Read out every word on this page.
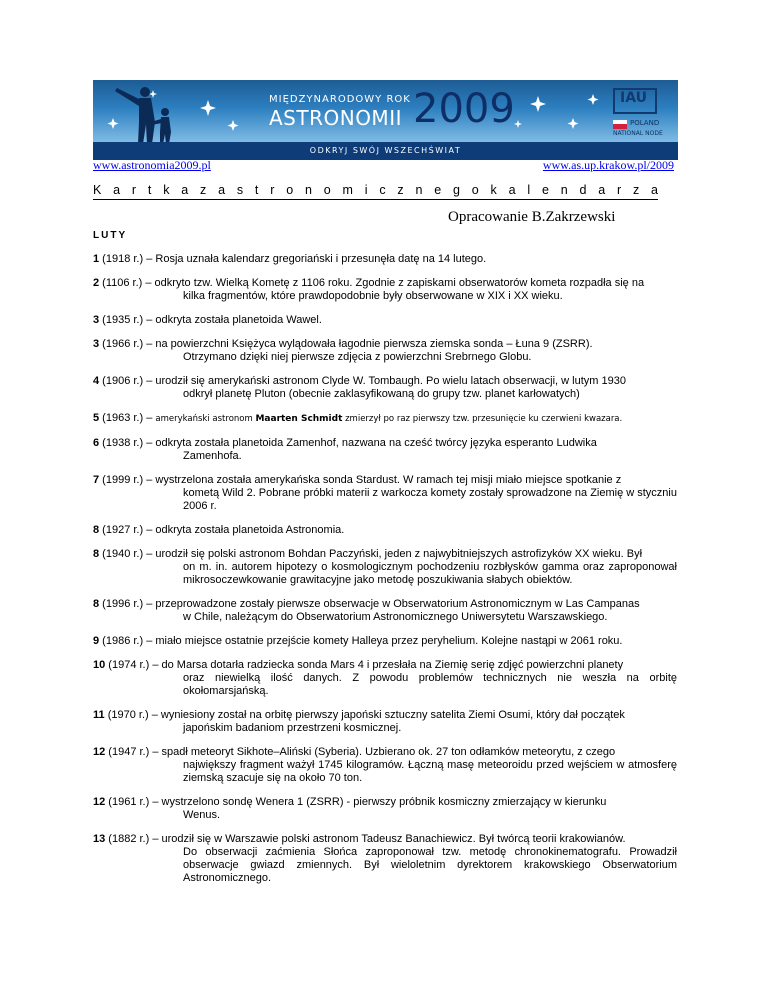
MIĘDZYNARODOWY ROK
ASTRONOMII 2009	IAU
POLAND
NATIONAL NODE
ODKRYJ SWÓJ WSZECHŚWIAT
www.astronomia2009.pl	www.as.up.krakow.pl/2009
K a r t k a z a s t r o n o m i c z n e g o k a l e n d a r z a
Opracowanie B.Zakrzewski
LUTY
1 (1918 r.) – Rosja uznała kalendarz gregoriański i przesunęła datę na 14 lutego.
2 (1106 r.) – odkryto tzw. Wielką Kometę z 1106 roku. Zgodnie z zapiskami obserwatorów kometa rozpadła się na
kilka fragmentów, które prawdopodobnie były obserwowane w XIX i XX wieku.
3 (1935 r.) – odkryta została planetoida Wawel.
3 (1966 r.) – na powierzchni Księżyca wylądowała łagodnie pierwsza ziemska sonda – Łuna 9 (ZSRR).
Otrzymano dzięki niej pierwsze zdjęcia z powierzchni Srebrnego Globu.
4 (1906 r.) – urodził się amerykański astronom Clyde W. Tombaugh. Po wielu latach obserwacji, w lutym 1930
odkrył planetę Pluton (obecnie zaklasyfikowaną do grupy tzw. planet karłowatych)
5 (1963 r.) – amerykański astronom Maarten Schmidt zmierzył po raz pierwszy tzw. przesunięcie ku czerwieni kwazara.
6 (1938 r.) – odkryta została planetoida Zamenhof, nazwana na cześć twórcy języka esperanto Ludwika
Zamenhofa.
7 (1999 r.) – wystrzelona została amerykańska sonda Stardust. W ramach tej misji miało miejsce spotkanie z
kometą Wild 2. Pobrane próbki materii z warkocza komety zostały sprowadzone na Ziemię w styczniu 2006 r.
8 (1927 r.) – odkryta została planetoida Astronomia.
8 (1940 r.) – urodził się polski astronom Bohdan Paczyński, jeden z najwybitniejszych astrofizyków XX wieku. Był
on m. in. autorem hipotezy o kosmologicznym pochodzeniu rozbłysków gamma oraz zaproponował mikrosoczewkowanie grawitacyjne jako metodę poszukiwania słabych obiektów.
8 (1996 r.) – przeprowadzone zostały pierwsze obserwacje w Obserwatorium Astronomicznym w Las Campanas
w Chile, należącym do Obserwatorium Astronomicznego Uniwersytetu Warszawskiego.
9 (1986 r.) – miało miejsce ostatnie przejście komety Halleya przez peryhelium. Kolejne nastąpi w 2061 roku.
10 (1974 r.) – do Marsa dotarła radziecka sonda Mars 4 i przesłała na Ziemię serię zdjęć powierzchni planety
oraz niewielką ilość danych. Z powodu problemów technicznych nie weszła na orbitę okołomarsjańską.
11 (1970 r.) – wyniesiony został na orbitę pierwszy japoński sztuczny satelita Ziemi Osumi, który dał początek
japońskim badaniom przestrzeni kosmicznej.
12 (1947 r.) – spadł meteoryt Sikhote–Aliński (Syberia). Uzbierano ok. 27 ton odłamków meteorytu, z czego
największy fragment ważył 1745 kilogramów. Łączną masę meteoroidu przed wejściem w atmosferę ziemską szacuje się na około 70 ton.
12 (1961 r.) – wystrzelono sondę Wenera 1 (ZSRR) - pierwszy próbnik kosmiczny zmierzający w kierunku
Wenus.
13 (1882 r.) – urodził się w Warszawie polski astronom Tadeusz Banachiewicz. Był twórcą teorii krakowianów.
Do obserwacji zaćmienia Słońca zaproponował tzw. metodę chronokinematografu. Prowadził obserwacje gwiazd zmiennych. Był wieloletnim dyrektorem krakowskiego Obserwatorium Astronomicznego.
